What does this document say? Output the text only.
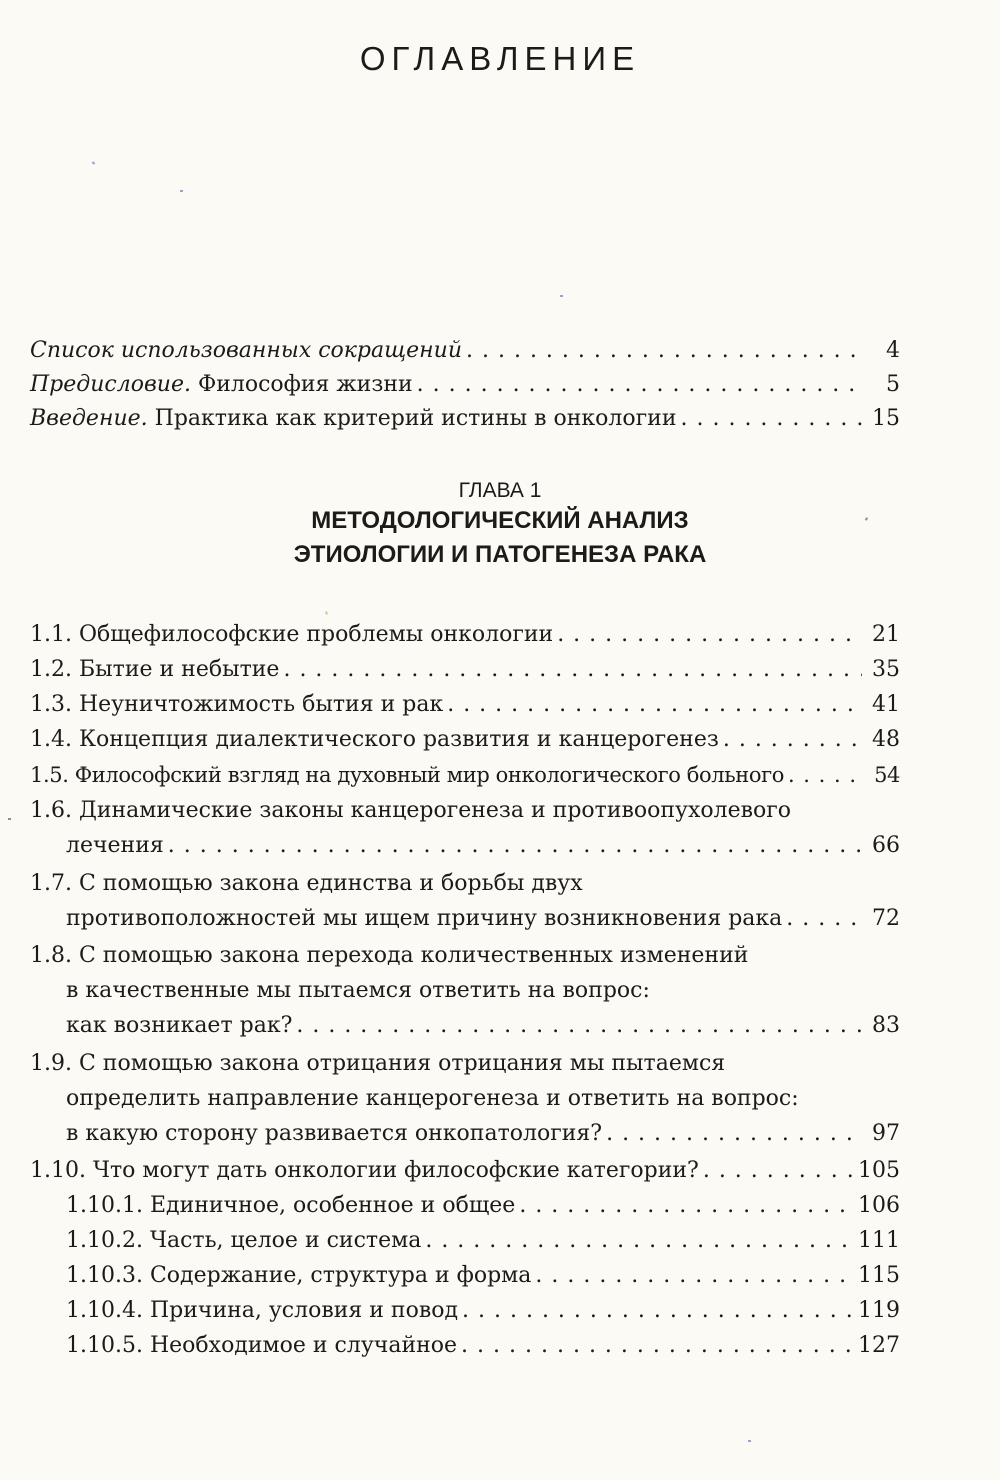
ОГЛАВЛЕНИЕ
Список использованных сокращений . . .	4
Предисловие. Философия жизни . . .	5
Введение. Практика как критерий истины в онкологии . . .	15
ГЛАВА 1
МЕТОДОЛОГИЧЕСКИЙ АНАЛИЗ
ЭТИОЛОГИИ И ПАТОГЕНЕЗА РАКА
1.1. Общефилософские проблемы онкологии . . .	21
1.2. Бытие и небытие . . .	35
1.3. Неуничтожимость бытия и рак . . .	41
1.4. Концепция диалектического развития и канцерогенез . . .	48
1.5. Философский взгляд на духовный мир онкологического больного . . .	54
1.6. Динамические законы канцерогенеза и противоопухолевого
лечения . . .	66
1.7. С помощью закона единства и борьбы двух
противоположностей мы ищем причину возникновения рака . . .	72
1.8. С помощью закона перехода количественных изменений
в качественные мы пытаемся ответить на вопрос:
как возникает рак? . . .	83
1.9. С помощью закона отрицания отрицания мы пытаемся
определить направление канцерогенеза и ответить на вопрос:
в какую сторону развивается онкопатология? . . .	97
1.10. Что могут дать онкологии философские категории? . . .	105
1.10.1. Единичное, особенное и общее . . .	106
1.10.2. Часть, целое и система . . .	111
1.10.3. Содержание, структура и форма . . .	115
1.10.4. Причина, условия и повод . . .	119
1.10.5. Необходимое и случайное . . .	127
